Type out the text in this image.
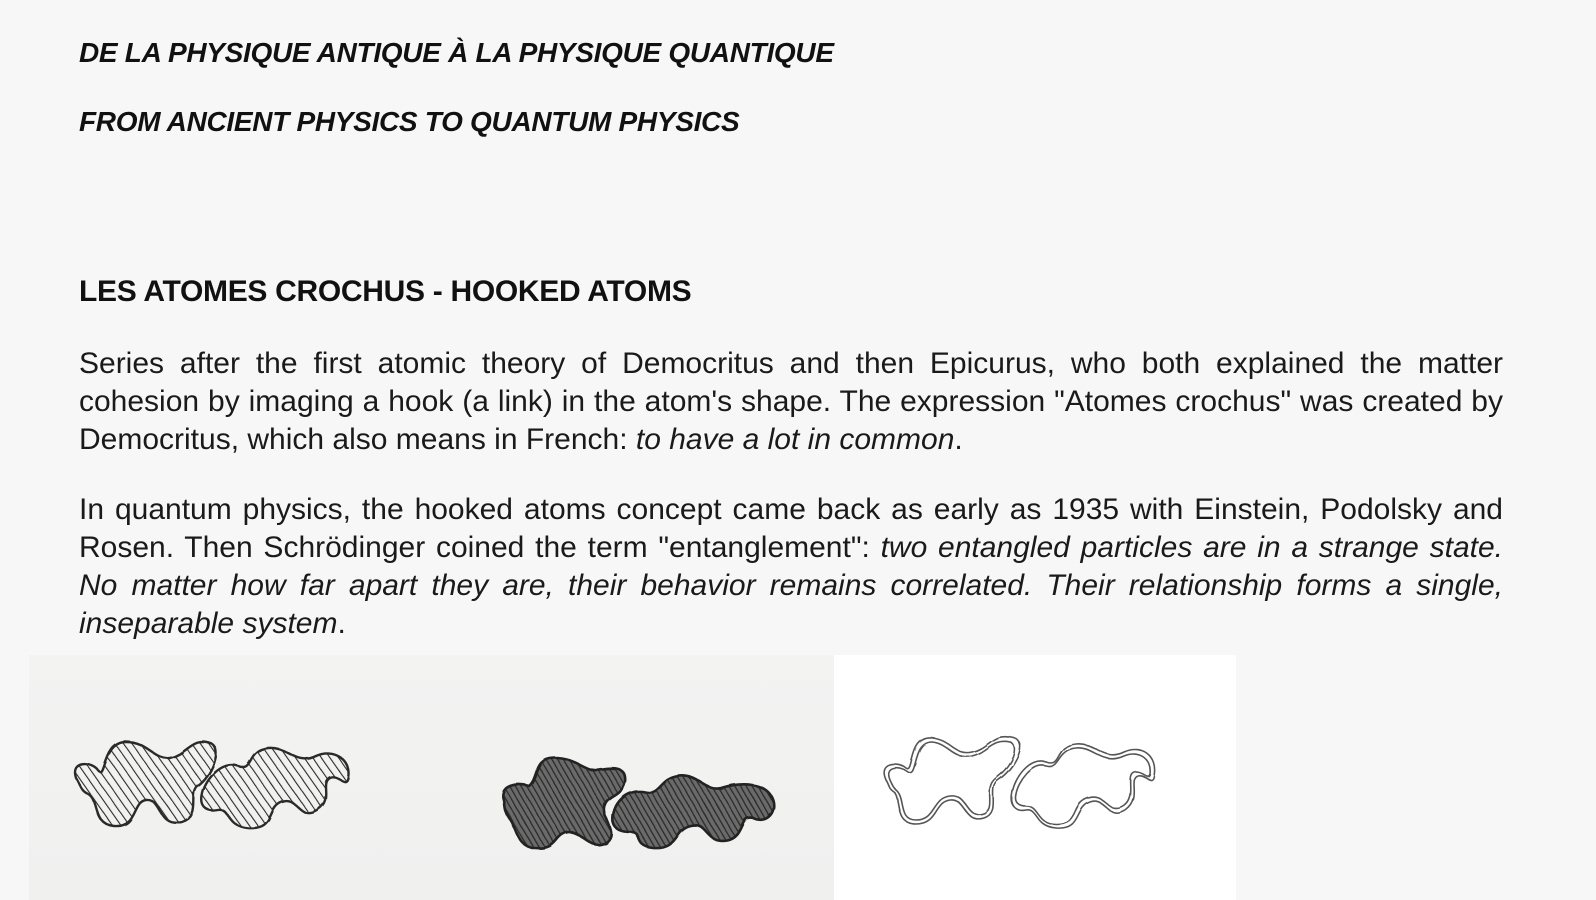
DE LA PHYSIQUE ANTIQUE À LA PHYSIQUE QUANTIQUE
FROM ANCIENT PHYSICS TO QUANTUM PHYSICS
LES ATOMES CROCHUS - HOOKED ATOMS

Series after the first atomic theory of Democritus and then Epicurus, who both explained the matter cohesion by imaging a hook (a link) in the atom's shape. The expression "Atomes crochus" was created by Democritus, which also means in French: to have a lot in common.

In quantum physics, the hooked atoms concept came back as early as 1935 with Einstein, Podolsky and Rosen. Then Schrödinger coined the term "entanglement": two entangled particles are in a strange state. No matter how far apart they are, their behavior remains correlated. Their relationship forms a single, inseparable system.
